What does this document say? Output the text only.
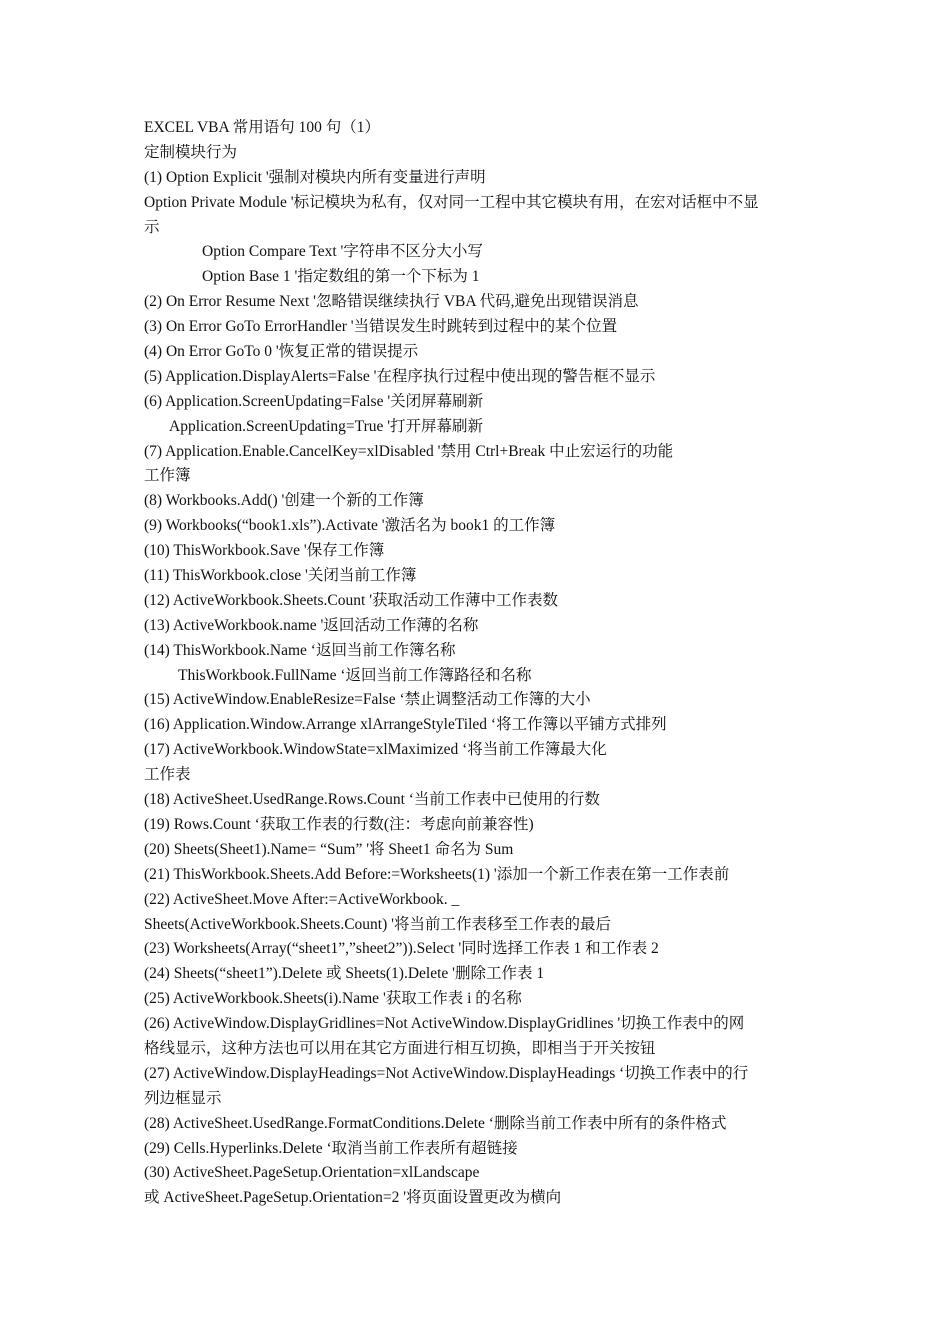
EXCEL VBA 常用语句 100 句（1）
定制模块行为
(1) Option Explicit '强制对模块内所有变量进行声明
Option Private Module '标记模块为私有，仅对同一工程中其它模块有用，在宏对话框中不显
示
Option Compare Text '字符串不区分大小写
Option Base 1 '指定数组的第一个下标为 1
(2) On Error Resume Next '忽略错误继续执行 VBA 代码,避免出现错误消息
(3) On Error GoTo ErrorHandler '当错误发生时跳转到过程中的某个位置
(4) On Error GoTo 0 '恢复正常的错误提示
(5) Application.DisplayAlerts=False '在程序执行过程中使出现的警告框不显示
(6) Application.ScreenUpdating=False '关闭屏幕刷新
Application.ScreenUpdating=True '打开屏幕刷新
(7) Application.Enable.CancelKey=xlDisabled '禁用 Ctrl+Break 中止宏运行的功能
工作簿
(8) Workbooks.Add() '创建一个新的工作簿
(9) Workbooks(“book1.xls”).Activate '激活名为 book1 的工作簿
(10) ThisWorkbook.Save '保存工作簿
(11) ThisWorkbook.close '关闭当前工作簿
(12) ActiveWorkbook.Sheets.Count '获取活动工作薄中工作表数
(13) ActiveWorkbook.name '返回活动工作薄的名称
(14) ThisWorkbook.Name ‘返回当前工作簿名称
ThisWorkbook.FullName ‘返回当前工作簿路径和名称
(15) ActiveWindow.EnableResize=False ‘禁止调整活动工作簿的大小
(16) Application.Window.Arrange xlArrangeStyleTiled ‘将工作簿以平铺方式排列
(17) ActiveWorkbook.WindowState=xlMaximized ‘将当前工作簿最大化
工作表
(18) ActiveSheet.UsedRange.Rows.Count ‘当前工作表中已使用的行数
(19) Rows.Count ‘获取工作表的行数(注：考虑向前兼容性)
(20) Sheets(Sheet1).Name= “Sum” '将 Sheet1 命名为 Sum
(21) ThisWorkbook.Sheets.Add Before:=Worksheets(1) '添加一个新工作表在第一工作表前
(22) ActiveSheet.Move After:=ActiveWorkbook. _
Sheets(ActiveWorkbook.Sheets.Count) '将当前工作表移至工作表的最后
(23) Worksheets(Array(“sheet1”,”sheet2”)).Select '同时选择工作表 1 和工作表 2
(24) Sheets(“sheet1”).Delete 或 Sheets(1).Delete '删除工作表 1
(25) ActiveWorkbook.Sheets(i).Name '获取工作表 i 的名称
(26) ActiveWindow.DisplayGridlines=Not ActiveWindow.DisplayGridlines '切换工作表中的网
格线显示，这种方法也可以用在其它方面进行相互切换，即相当于开关按钮
(27) ActiveWindow.DisplayHeadings=Not ActiveWindow.DisplayHeadings ‘切换工作表中的行
列边框显示
(28) ActiveSheet.UsedRange.FormatConditions.Delete ‘删除当前工作表中所有的条件格式
(29) Cells.Hyperlinks.Delete ‘取消当前工作表所有超链接
(30) ActiveSheet.PageSetup.Orientation=xlLandscape
或 ActiveSheet.PageSetup.Orientation=2 '将页面设置更改为横向
